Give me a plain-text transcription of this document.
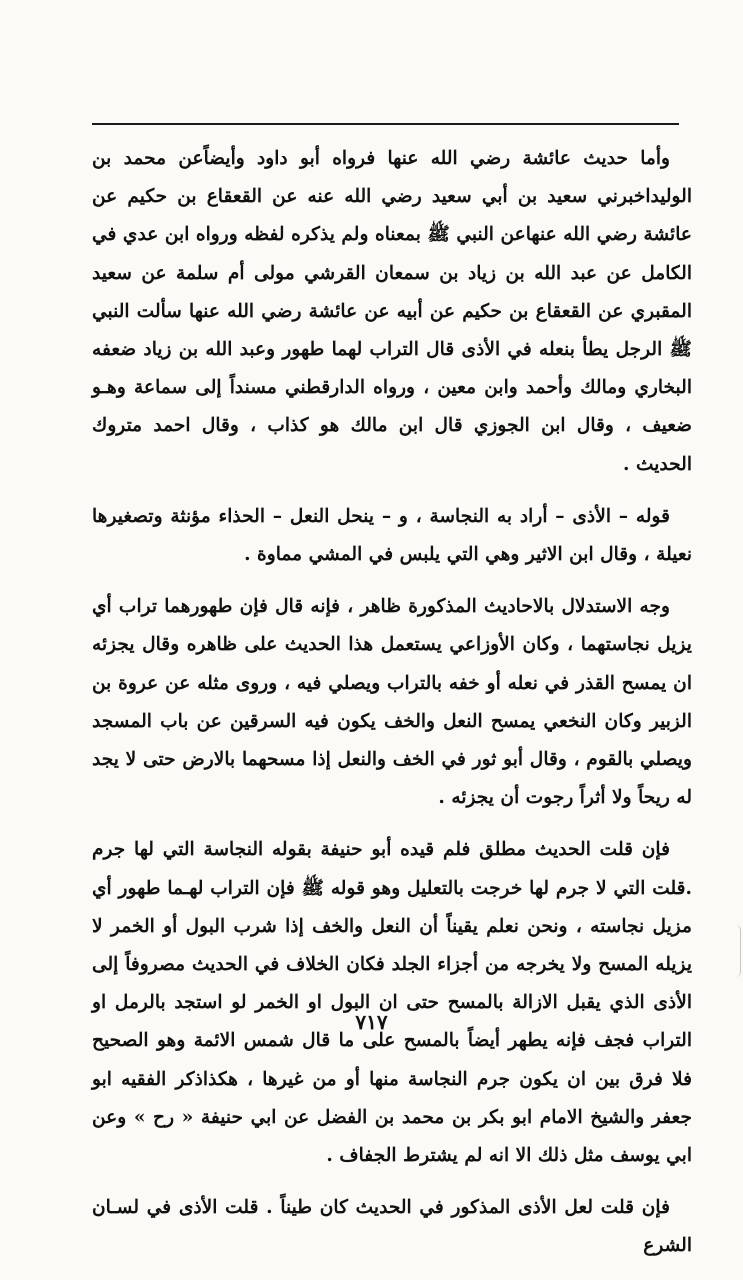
وأما حديث عائشة رضي الله عنها فرواه أبو داود وأيضاًعن محمد بن الوليداخبرني سعيد بن أبي سعيد رضي الله عنه عن القعقاع بن حكيم عن عائشة رضي الله عنهاعن النبي ﷺ بمعناه ولم يذكره لفظه ورواه ابن عدي في الكامل عن عبد الله بن زياد بن سمعان القرشي مولى أم سلمة عن سعيد المقبري عن القعقاع بن حكيم عن أبيه عن عائشة رضي الله عنها سألت النبي ﷺ الرجل يطأ بنعله في الأذى قال التراب لهما طهور وعبد الله بن زياد ضعفه البخاري ومالك وأحمد وابن معين ، ورواه الدارقطني مسنداً إلى سماعة وهـو ضعيف ، وقال ابن الجوزي قال ابن مالك هو كذاب ، وقال احمد متروك الحديث .

قوله – الأذى – أراد به النجاسة ، و – ينحل النعل – الحذاء مؤنثة وتصغيرها نعيلة ، وقال ابن الاثير وهي التي يلبس في المشي مماوة .

وجه الاستدلال بالاحاديث المذكورة ظاهر ، فإنه قال فإن طهورهما تراب أي يزيل نجاستهما ، وكان الأوزاعي يستعمل هذا الحديث على ظاهره وقال يجزئه ان يمسح القذر في نعله أو خفه بالتراب ويصلي فيه ، وروى مثله عن عروة بن الزبير وكان النخعي يمسح النعل والخف يكون فيه السرقين عن باب المسجد ويصلي بالقوم ، وقال أبو ثور في الخف والنعل إذا مسحهما بالارض حتى لا يجد له ريحاً ولا أثراً رجوت أن يجزئه .

فإن قلت الحديث مطلق فلم قيده أبو حنيفة بقوله النجاسة التي لها جرم .قلت التي لا جرم لها خرجت بالتعليل وهو قوله ﷺ فإن التراب لهـما طهور أي مزيل نجاسته ، ونحن نعلم يقيناً أن النعل والخف إذا شرب البول أو الخمر لا يزيله المسح ولا يخرجه من أجزاء الجلد فكان الخلاف في الحديث مصروفاً إلى الأذى الذي يقبل الازالة بالمسح حتى ان البول او الخمر لو استجد بالرمل او التراب فجف فإنه يطهر أيضاً بالمسح على ما قال شمس الائمة وهو الصحيح فلا فرق بين ان يكون جرم النجاسة منها أو من غيرها ، هكذاذكر الفقيه ابو جعفر والشيخ الامام ابو بكر بن محمد بن الفضل عن ابي حنيفة « رح » وعن ابي يوسف مثل ذلك الا انه لم يشترط الجفاف .

فإن قلت لعل الأذى المذكور في الحديث كان طيناً . قلت الأذى في لسـان الشرع

٧١٧
